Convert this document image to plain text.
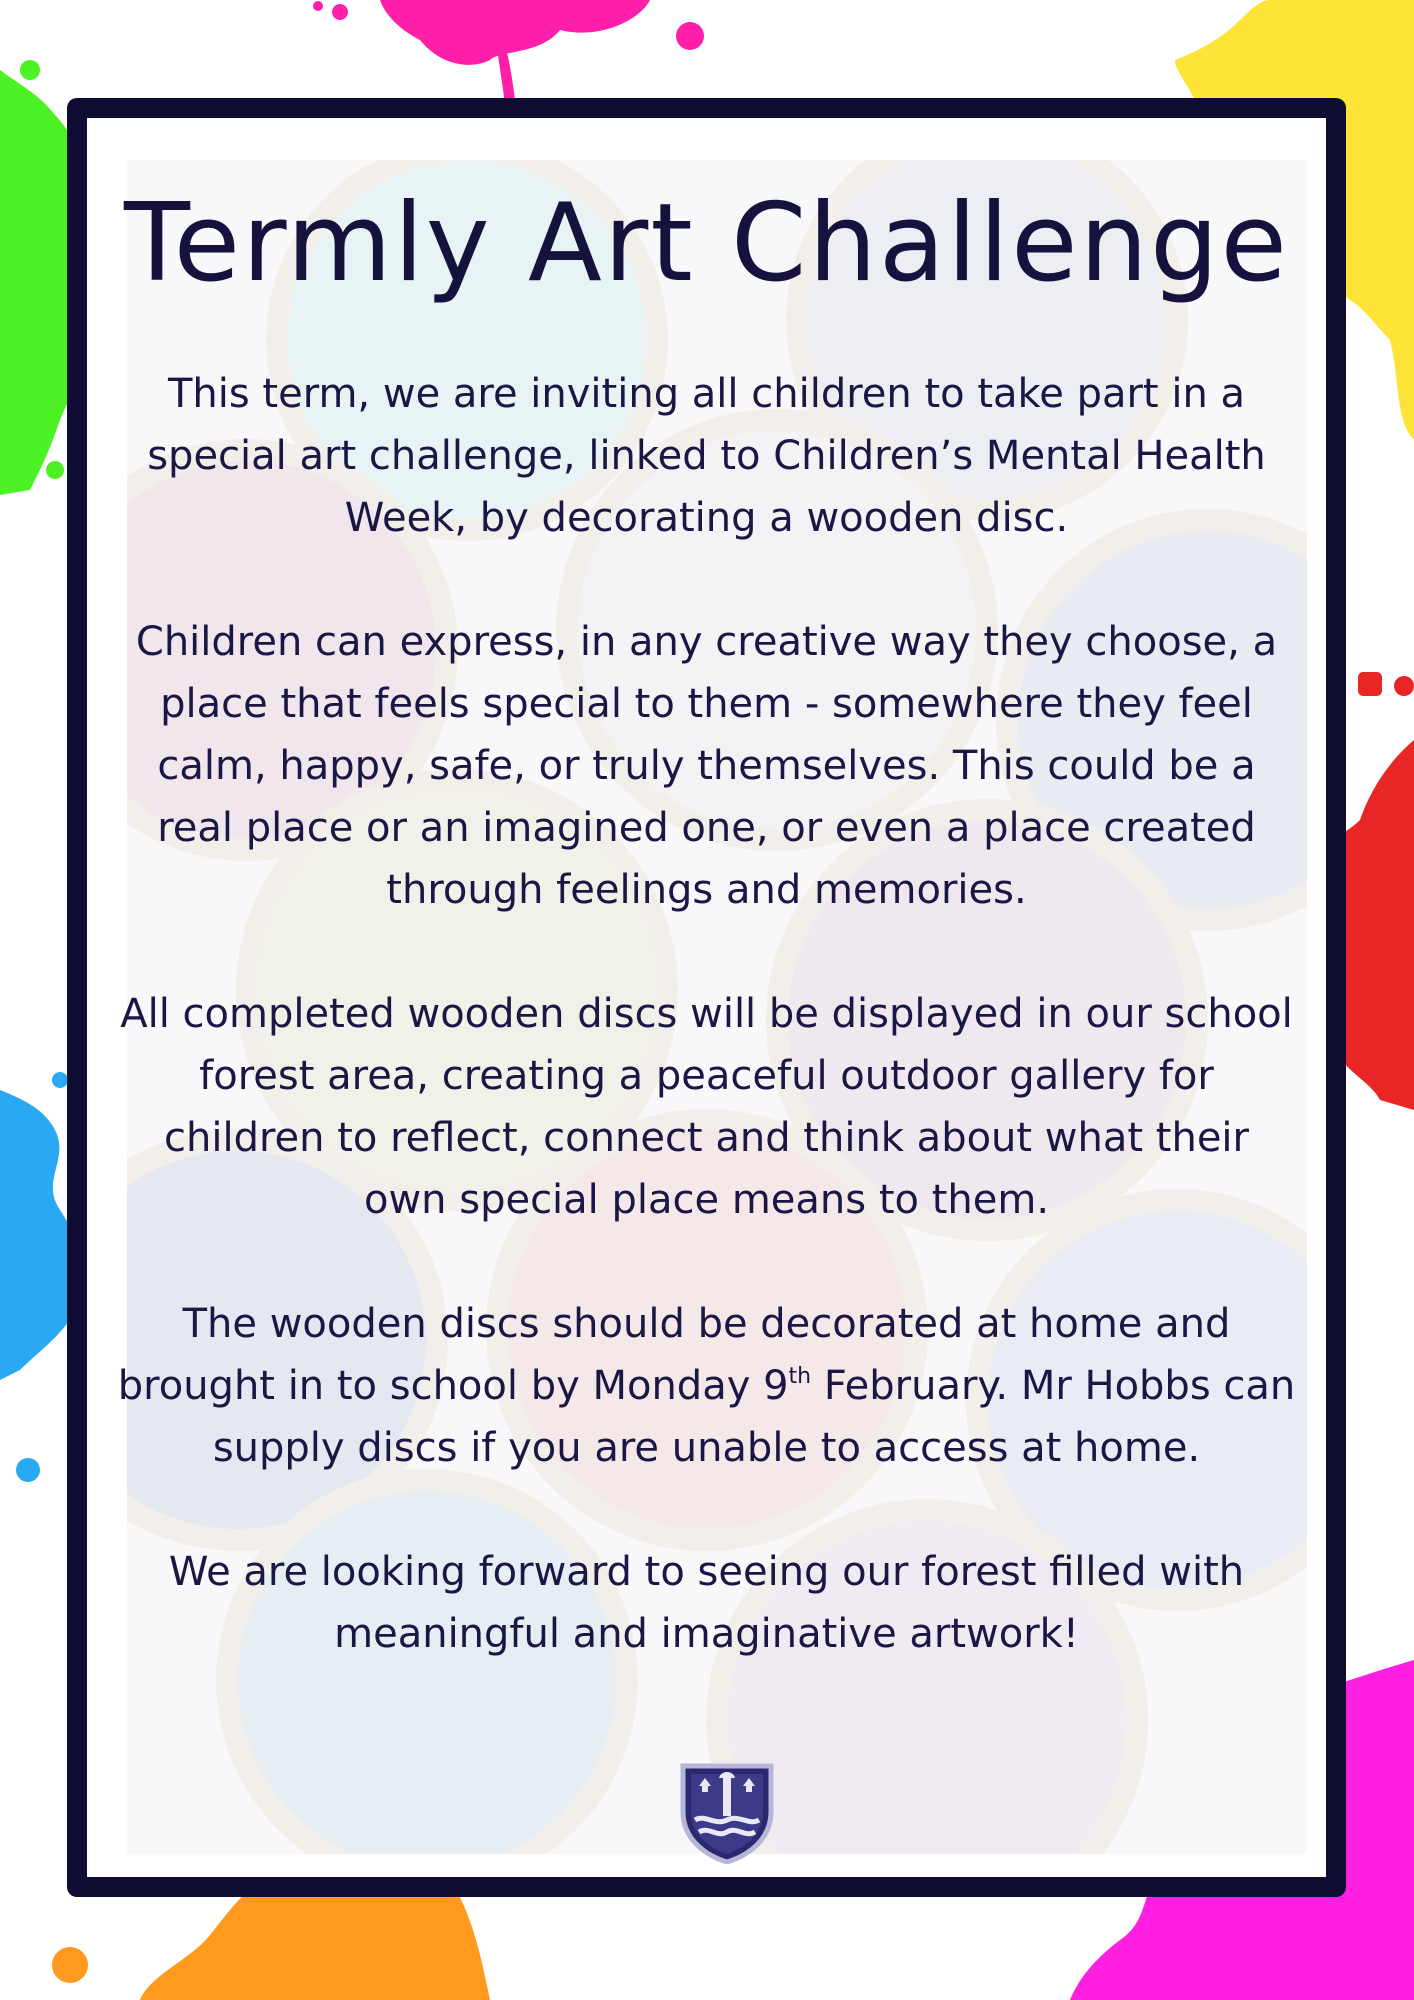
Termly Art Challenge

This term, we are inviting all children to take part in a special art challenge, linked to Children’s Mental Health Week, by decorating a wooden disc.

Children can express, in any creative way they choose, a place that feels special to them - somewhere they feel calm, happy, safe, or truly themselves. This could be a real place or an imagined one, or even a place created through feelings and memories.

All completed wooden discs will be displayed in our school forest area, creating a peaceful outdoor gallery for children to reflect, connect and think about what their own special place means to them.

The wooden discs should be decorated at home and brought in to school by Monday 9th February. Mr Hobbs can supply discs if you are unable to access at home.

We are looking forward to seeing our forest filled with meaningful and imaginative artwork!
